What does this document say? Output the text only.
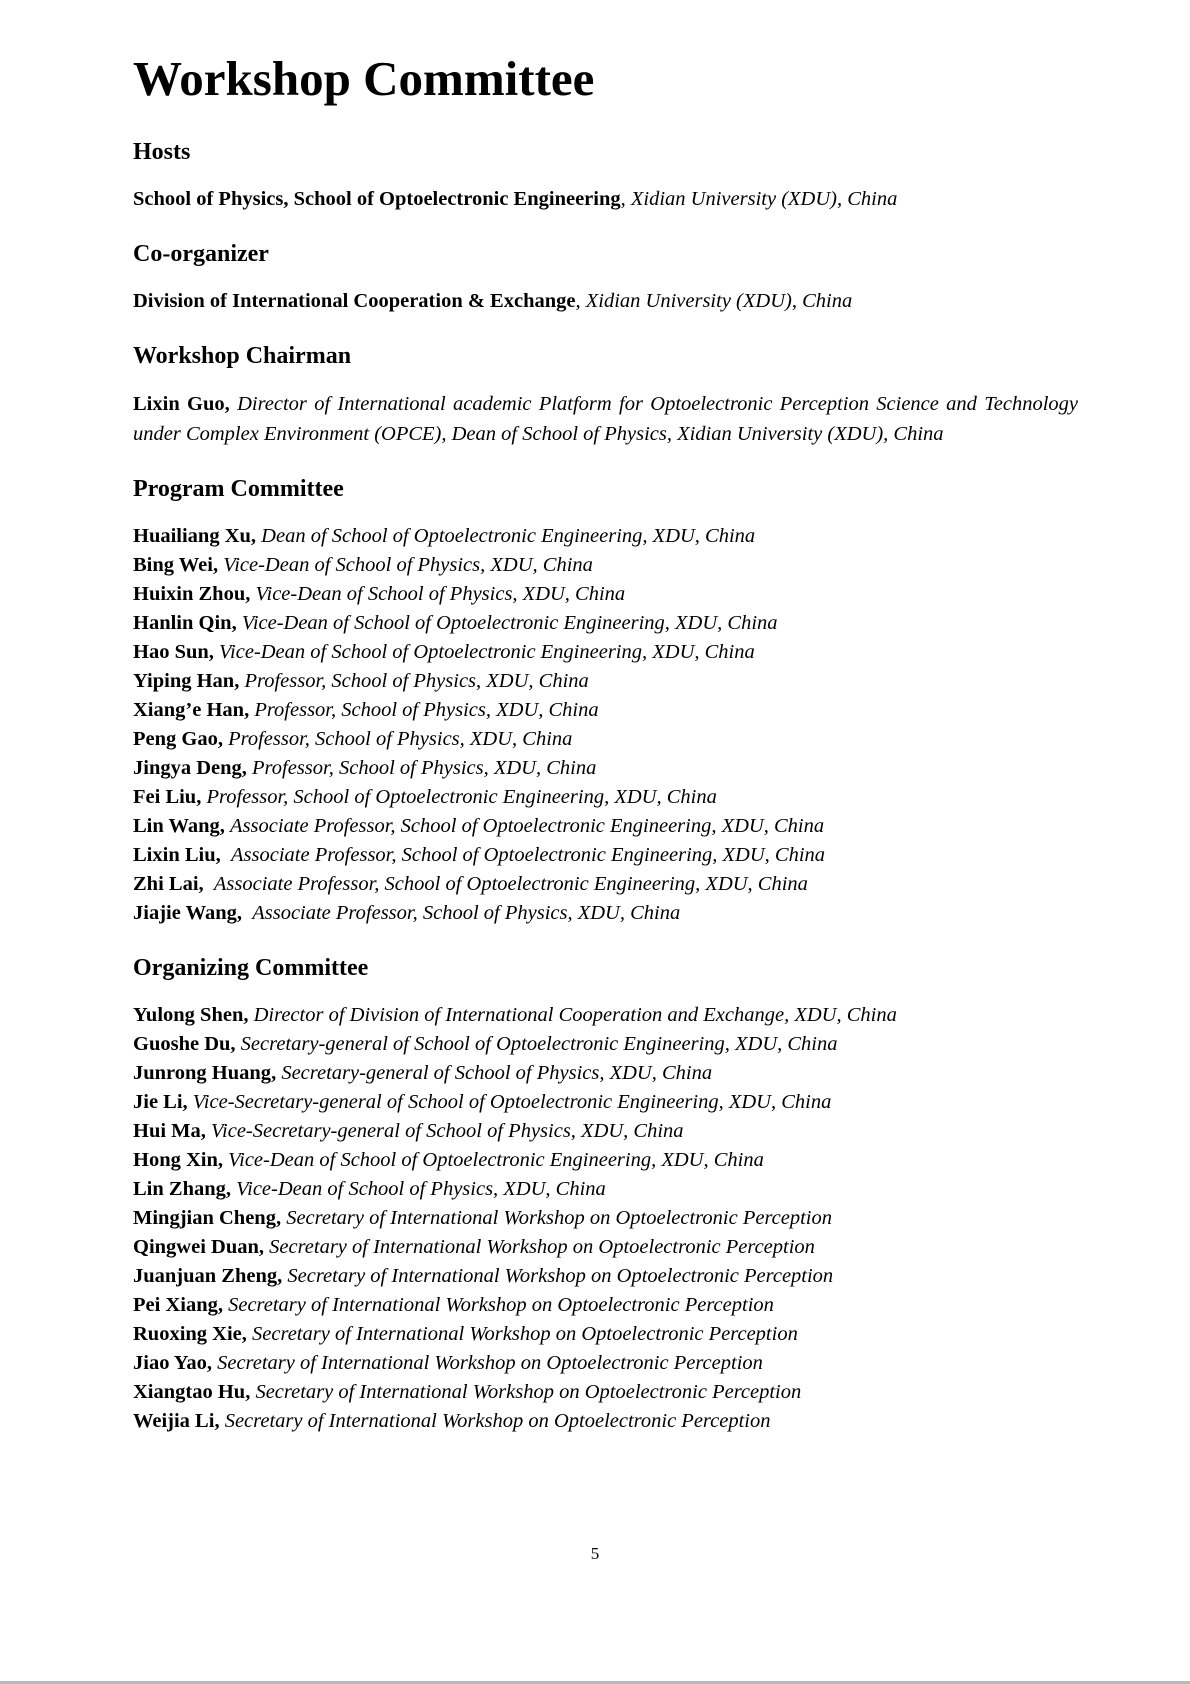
Workshop Committee
Hosts

School of Physics, School of Optoelectronic Engineering, Xidian University (XDU), China

Co-organizer

Division of International Cooperation & Exchange, Xidian University (XDU), China

Workshop Chairman

Lixin Guo, Director of International academic Platform for Optoelectronic Perception Science and Technology under Complex Environment (OPCE), Dean of School of Physics, Xidian University (XDU), China

Program Committee

Huailiang Xu, Dean of School of Optoelectronic Engineering, XDU, China

Bing Wei, Vice-Dean of School of Physics, XDU, China

Huixin Zhou, Vice-Dean of School of Physics, XDU, China

Hanlin Qin, Vice-Dean of School of Optoelectronic Engineering, XDU, China

Hao Sun, Vice-Dean of School of Optoelectronic Engineering, XDU, China

Yiping Han, Professor, School of Physics, XDU, China

Xiang’e Han, Professor, School of Physics, XDU, China

Peng Gao, Professor, School of Physics, XDU, China

Jingya Deng, Professor, School of Physics, XDU, China

Fei Liu, Professor, School of Optoelectronic Engineering, XDU, China

Lin Wang, Associate Professor, School of Optoelectronic Engineering, XDU, China

Lixin Liu,  Associate Professor, School of Optoelectronic Engineering, XDU, China

Zhi Lai,  Associate Professor, School of Optoelectronic Engineering, XDU, China

Jiajie Wang,  Associate Professor, School of Physics, XDU, China

Organizing Committee

Yulong Shen, Director of Division of International Cooperation and Exchange, XDU, China

Guoshe Du, Secretary-general of School of Optoelectronic Engineering, XDU, China

Junrong Huang, Secretary-general of School of Physics, XDU, China

Jie Li, Vice-Secretary-general of School of Optoelectronic Engineering, XDU, China

Hui Ma, Vice-Secretary-general of School of Physics, XDU, China

Hong Xin, Vice-Dean of School of Optoelectronic Engineering, XDU, China

Lin Zhang, Vice-Dean of School of Physics, XDU, China

Mingjian Cheng, Secretary of International Workshop on Optoelectronic Perception

Qingwei Duan, Secretary of International Workshop on Optoelectronic Perception

Juanjuan Zheng, Secretary of International Workshop on Optoelectronic Perception

Pei Xiang, Secretary of International Workshop on Optoelectronic Perception

Ruoxing Xie, Secretary of International Workshop on Optoelectronic Perception

Jiao Yao, Secretary of International Workshop on Optoelectronic Perception

Xiangtao Hu, Secretary of International Workshop on Optoelectronic Perception

Weijia Li, Secretary of International Workshop on Optoelectronic Perception

5
